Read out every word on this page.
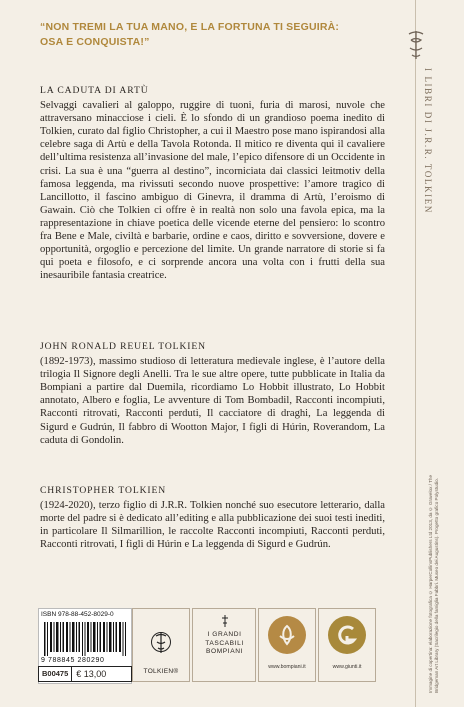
“NON TREMI LA TUA MANO, E LA FORTUNA TI SEGUIRÀ: OSA E CONQUISTA!”
LA CADUTA DI ARTÙ

Selvaggi cavalieri al galoppo, ruggire di tuoni, furia di marosi, nuvole che attraversano minacciose i cieli. È lo sfondo di un grandioso poema inedito di Tolkien, curato dal figlio Christopher, a cui il Maestro pose mano ispirandosi alla celebre saga di Artù e della Tavola Rotonda. Il mitico re diventa qui il cavaliere dell’ultima resistenza all’invasione del male, l’epico difensore di un Occidente in crisi. La sua è una “guerra al destino”, incorniciata dai classici leitmotiv della famosa leggenda, ma rivissuti secondo nuove prospettive: l’amore tragico di Lancillotto, il fascino ambiguo di Ginevra, il dramma di Artù, l’eroismo di Gawain. Ciò che Tolkien ci offre è in realtà non solo una favola epica, ma la rappresentazione in chiave poetica delle vicende eterne del pensiero: lo scontro fra Bene e Male, civiltà e barbarie, ordine e caos, diritto e sovversione, dovere e opportunità, orgoglio e percezione del limite. Un grande narratore di storie si fa qui poeta e filosofo, e ci sorprende ancora una volta con i frutti della sua inesauribile fantasia creatrice.

JOHN RONALD REUEL TOLKIEN

(1892-1973), massimo studioso di letteratura medievale inglese, è l’autore della trilogia Il Signore degli Anelli. Tra le sue altre opere, tutte pubblicate in Italia da Bompiani a partire dal Duemila, ricordiamo Lo Hobbit illustrato, Lo Hobbit annotato, Albero e foglia, Le avventure di Tom Bombadil, Racconti incompiuti, Racconti ritrovati, Racconti perduti, Il cacciatore di draghi, La leggenda di Sigurd e Gudrún, Il fabbro di Wootton Major, I figli di Húrin, Roverandom, La caduta di Gondolin.

CHRISTOPHER TOLKIEN

(1924-2020), terzo figlio di J.R.R. Tolkien nonché suo esecutore letterario, dalla morte del padre si è dedicato all’editing e alla pubblicazione dei suoi testi inediti, in particolare Il Silmarillion, le raccolte Racconti incompiuti, Racconti perduti, Racconti ritrovati, I figli di Húrin e La leggenda di Sigurd e Gudrún.

I LIBRI DI J.R.R. TOLKIEN
Immagine di copertina: elaborazione fotografica © HarperCollinsPublishers Ltd 2013, da © Gravelox / The Bridgeman Art Library (Sacrilegio della famiglia Fabbri. Museo dei Augustins). Progetto grafico Polystudio.
ISBN 978-88-452-8029-0
9 788845 280290
B00475 € 13,00	TOLKIEN®
I GRANDI TASCABILI BOMPIANI
www.bompiani.it	www.giunti.it
